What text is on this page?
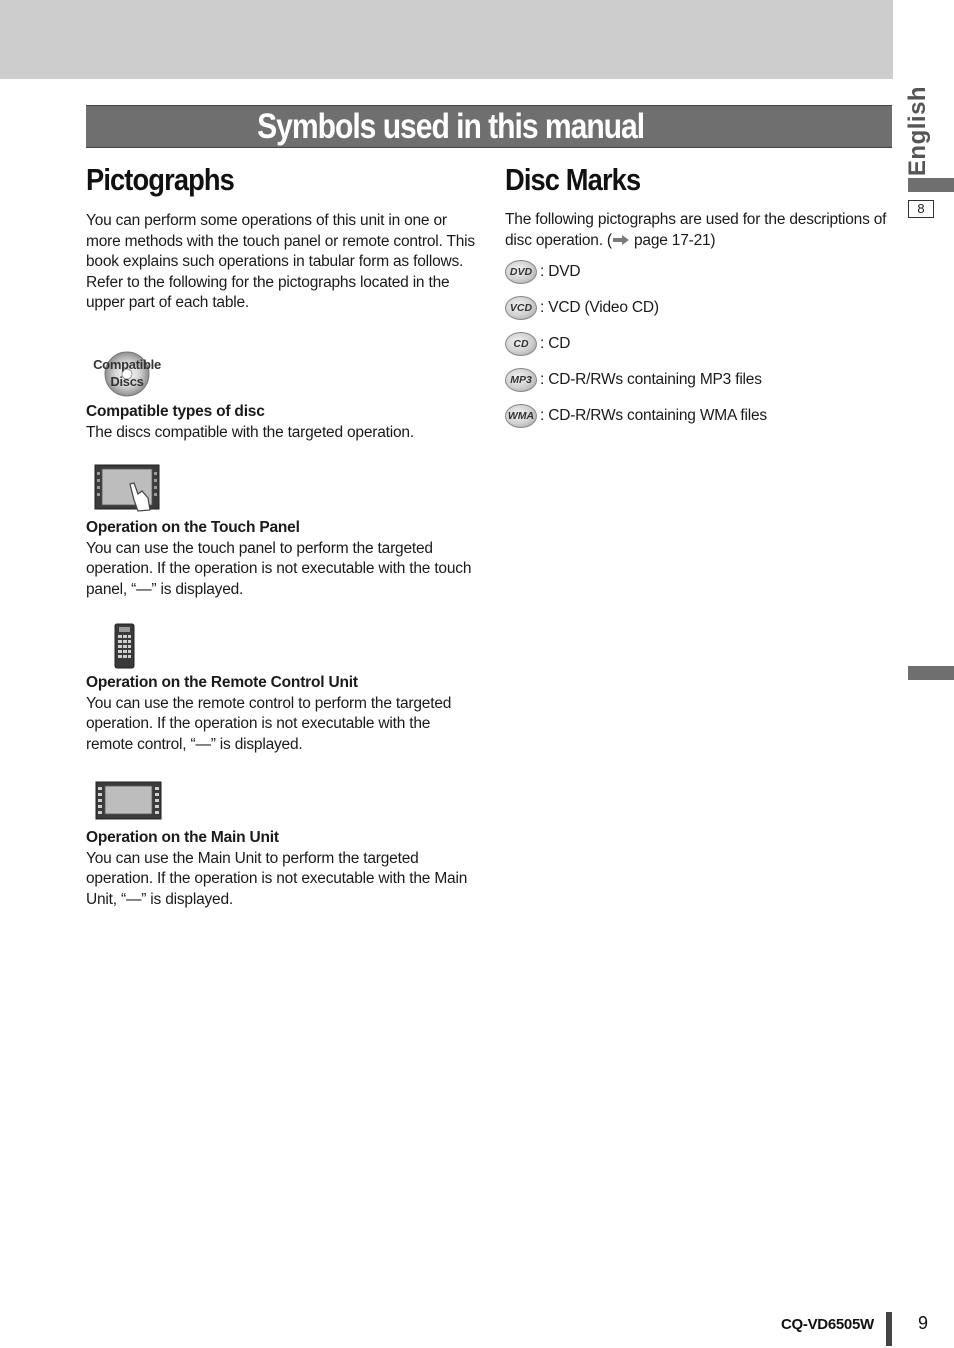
Symbols used in this manual	English
8
Pictographs

You can perform some operations of this unit in one or more methods with the touch panel or remote control. This book explains such operations in tabular form as follows. Refer to the following for the pictographs located in the upper part of each table.

Compatible
Discs

Compatible types of disc

The discs compatible with the targeted operation.

Operation on the Touch Panel

You can use the touch panel to perform the targeted operation. If the operation is not executable with the touch panel, “—” is displayed.

Operation on the Remote Control Unit

You can use the remote control to perform the targeted operation. If the operation is not executable with the remote control, “—” is displayed.

Operation on the Main Unit

You can use the Main Unit to perform the targeted operation. If the operation is not executable with the Main Unit, “—” is displayed.

Disc Marks

The following pictographs are used for the descriptions of disc operation. ( page 17-21)

DVD : DVD
VCD : VCD (Video CD)
CD : CD
MP3 : CD-R/RWs containing MP3 files
WMA : CD-R/RWs containing WMA files
CQ-VD6505W 9
